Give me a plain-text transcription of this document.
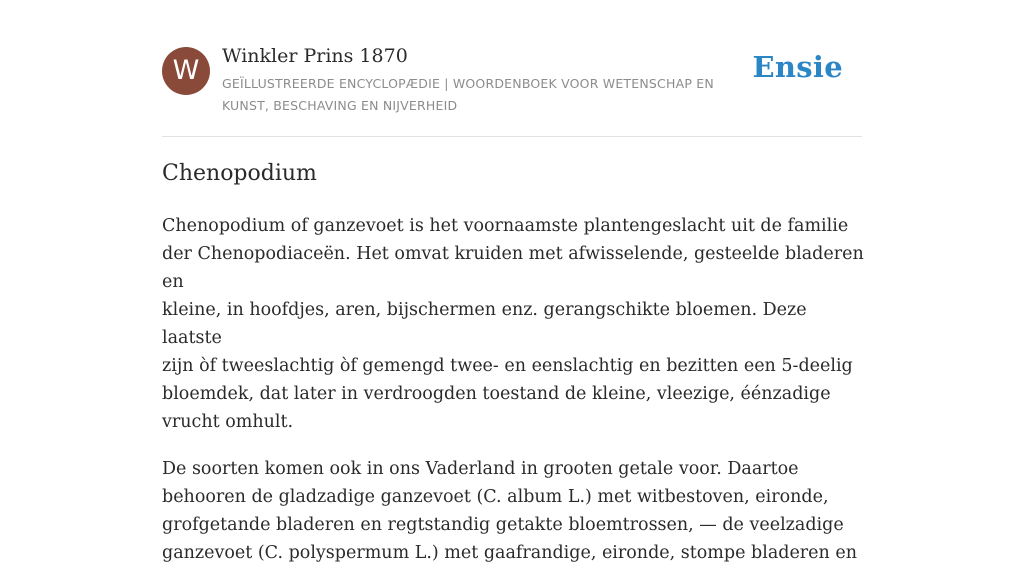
W	Winkler Prins 1870
GEÏLLUSTREERDE ENCYCLOPÆDIE | WOORDENBOEK VOOR WETENSCHAP EN KUNST, BESCHAVING EN NIJVERHEID
Ensie
Chenopodium

Chenopodium of ganzevoet is het voornaamste plantengeslacht uit de familie
der Chenopodiaceën. Het omvat kruiden met afwisselende, gesteelde bladeren en
kleine, in hoofdjes, aren, bijschermen enz. gerangschikte bloemen. Deze laatste
zijn òf tweeslachtig òf gemengd twee- en eenslachtig en bezitten een 5-deelig
bloemdek, dat later in verdroogden toestand de kleine, vleezige, éénzadige
vrucht omhult.

De soorten komen ook in ons Vaderland in grooten getale voor. Daartoe
behooren de gladzadige ganzevoet (C. album L.) met witbestoven, eironde,
grofgetande bladeren en regtstandig getakte bloemtrossen, — de veelzadige
ganzevoet (C. polyspermum L.) met gaafrandige, eironde, stompe bladeren en
